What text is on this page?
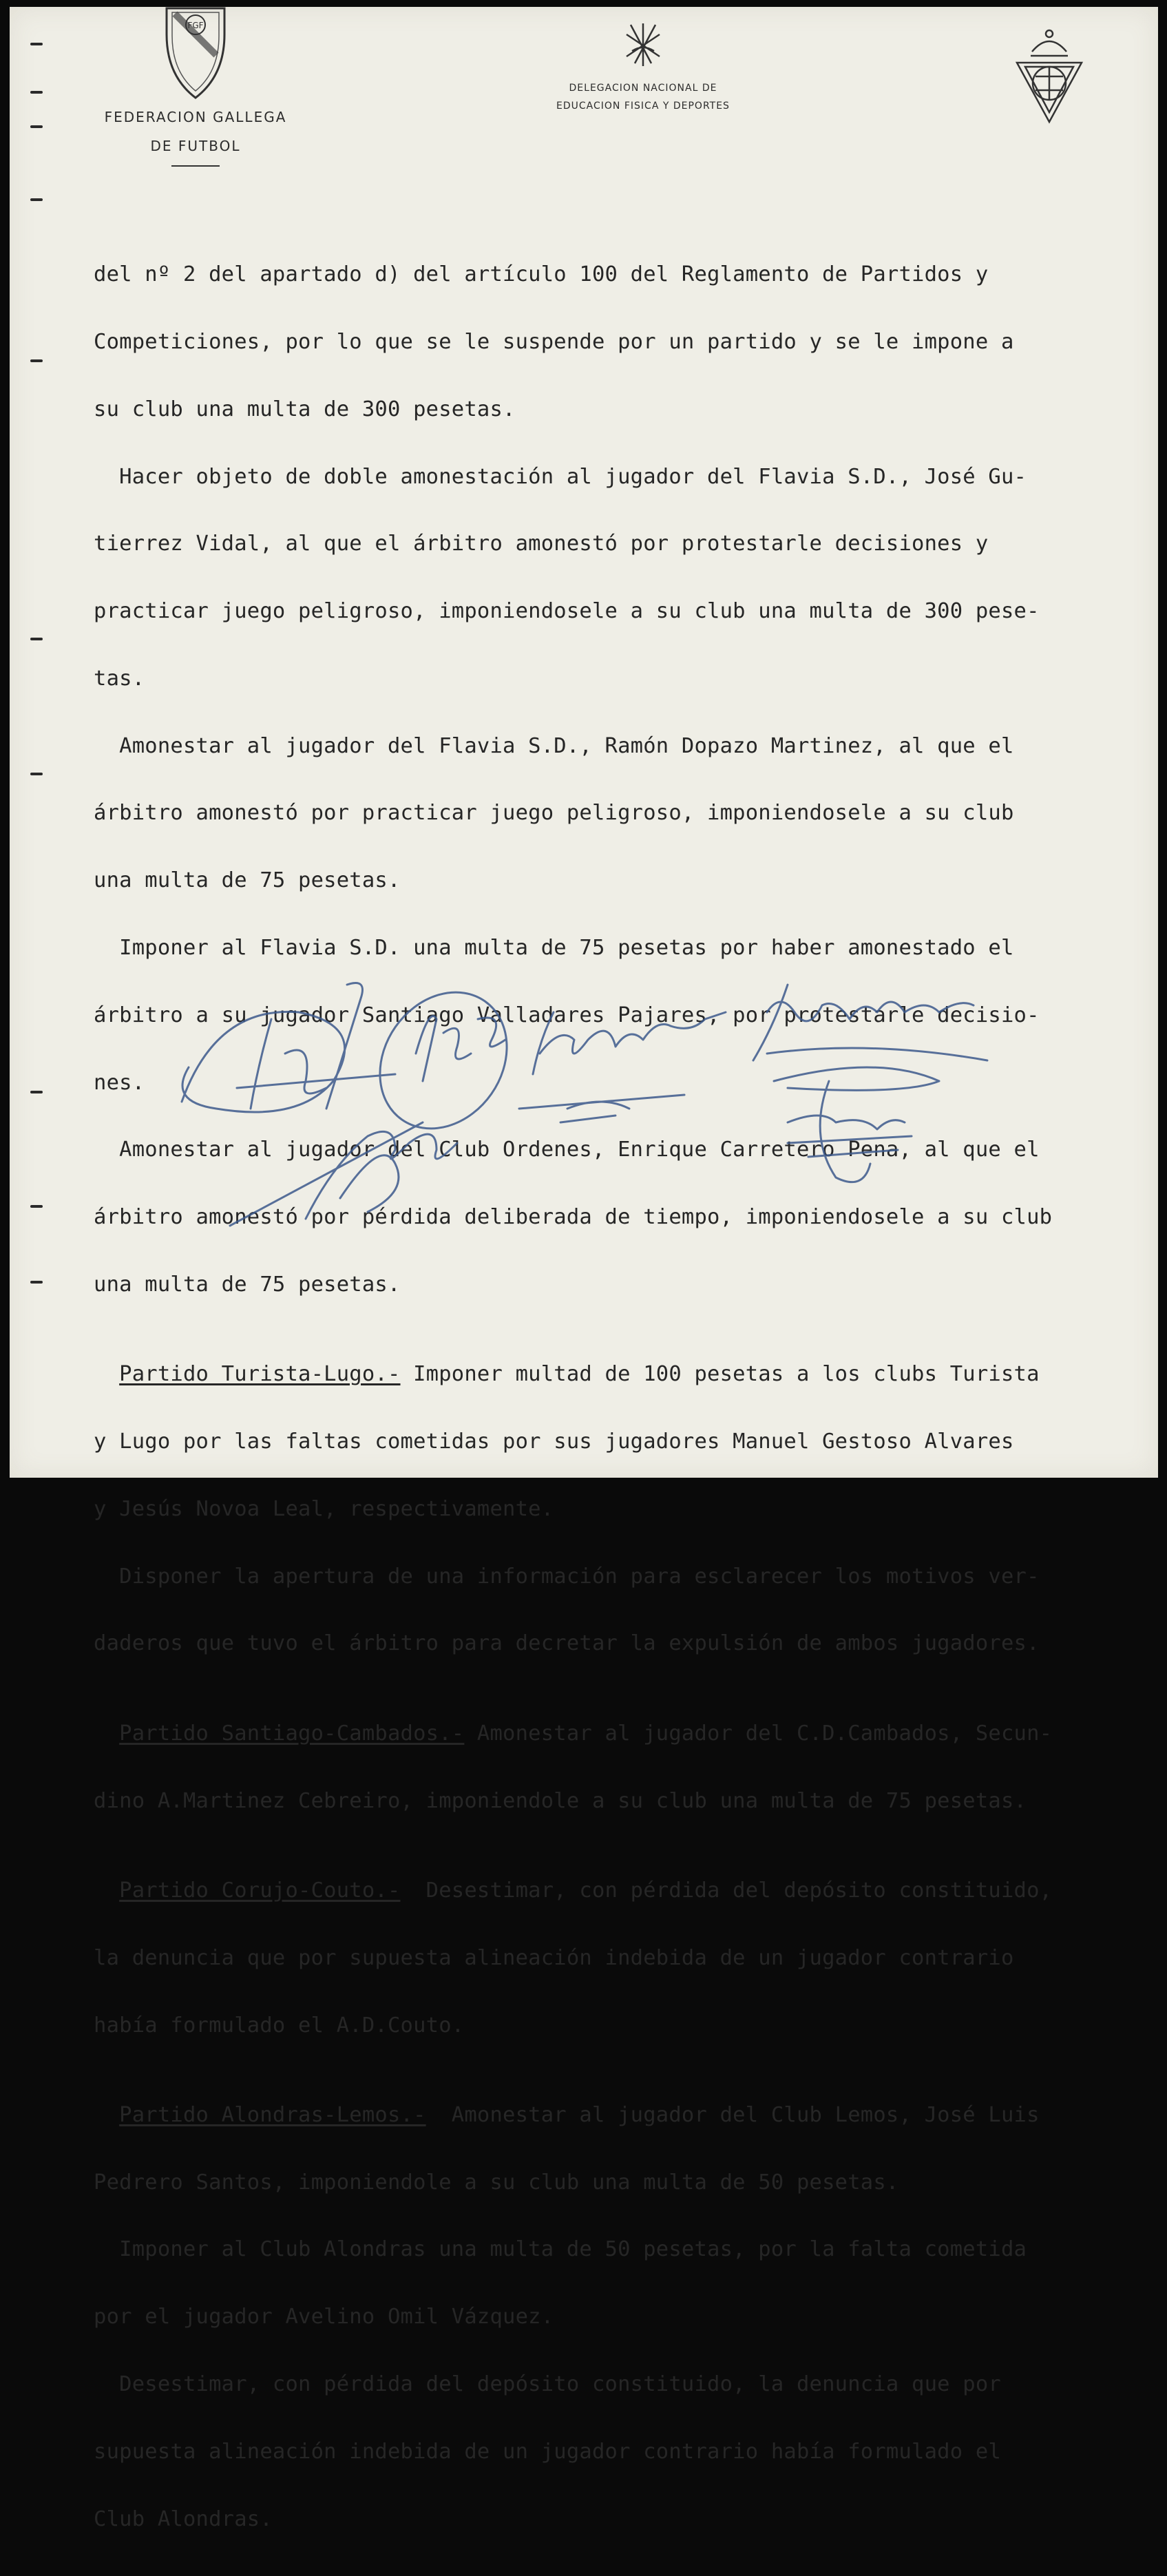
FGF
FEDERACION GALLEGA
DE FUTBOL
DELEGACION NACIONAL DE
EDUCACION FISICA Y DEPORTES

del nº 2 del apartado d) del artículo 100 del Reglamento de Partidos y

Competiciones, por lo que se le suspende por un partido y se le impone a

su club una multa de 300 pesetas.

Hacer objeto de doble amonestación al jugador del Flavia S.D., José Gu-

tierrez Vidal, al que el árbitro amonestó por protestarle decisiones y

practicar juego peligroso, imponiendosele a su club una multa de 300 pese-

tas.

Amonestar al jugador del Flavia S.D., Ramón Dopazo Martinez, al que el

árbitro amonestó por practicar juego peligroso, imponiendosele a su club

una multa de 75 pesetas.

Imponer al Flavia S.D. una multa de 75 pesetas por haber amonestado el

árbitro a su jugador Santiago Valladares Pajares, por protestarle decisio-

nes.

Amonestar al jugador del Club Ordenes, Enrique Carretero Pena, al que el

árbitro amonestó por pérdida deliberada de tiempo, imponiendosele a su club

una multa de 75 pesetas.

Partido Turista-Lugo.- Imponer multad de 100 pesetas a los clubs Turista

y Lugo por las faltas cometidas por sus jugadores Manuel Gestoso Alvares

y Jesús Novoa Leal, respectivamente.

Disponer la apertura de una información para esclarecer los motivos ver-

daderos que tuvo el árbitro para decretar la expulsión de ambos jugadores.

Partido Santiago-Cambados.- Amonestar al jugador del C.D.Cambados, Secun-

dino A.Martinez Cebreiro, imponiendole a su club una multa de 75 pesetas.

Partido Corujo-Couto.-  Desestimar, con pérdida del depósito constituido,

la denuncia que por supuesta alineación indebida de un jugador contrario

había formulado el A.D.Couto.

Partido Alondras-Lemos.-  Amonestar al jugador del Club Lemos, José Luis

Pedrero Santos, imponiendole a su club una multa de 50 pesetas.

Imponer al Club Alondras una multa de 50 pesetas, por la falta cometida

por el jugador Avelino Omil Vázquez.

Desestimar, con pérdida del depósito constituido, la denuncia que por

supuesta alineación indebida de un jugador contrario había formulado el

Club Alondras.
